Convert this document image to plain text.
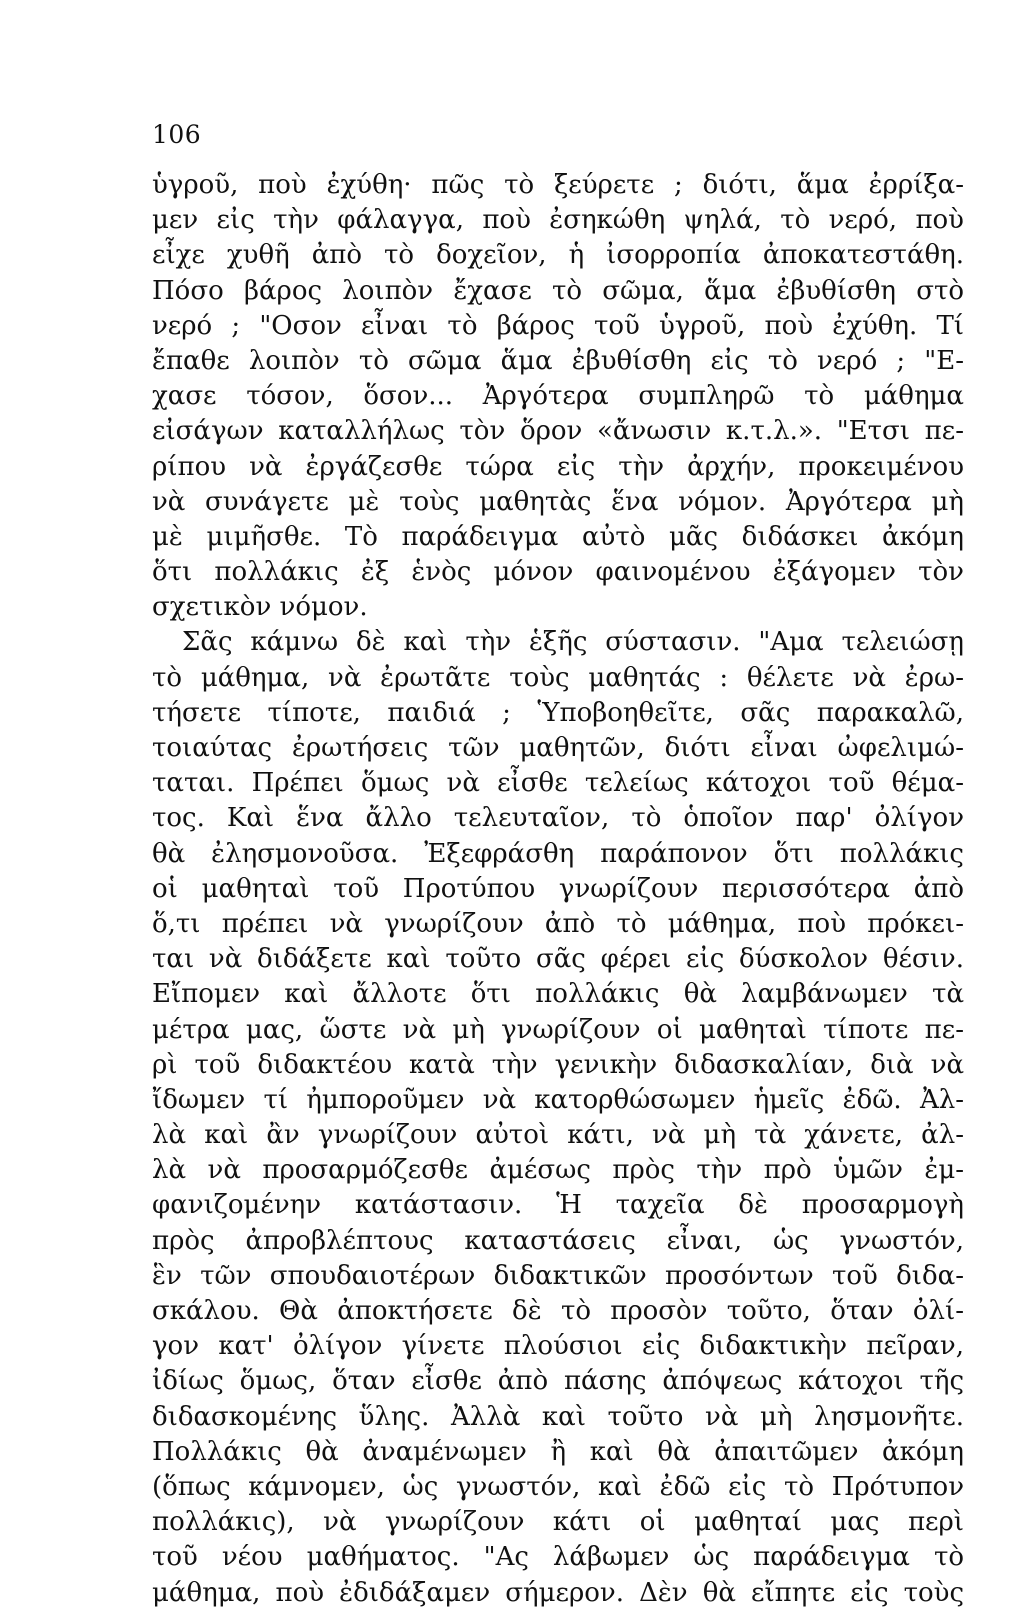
106
ὑγροῦ, ποὺ ἐχύθη· πῶς τὸ ξεύρετε ; διότι, ἅμα ἐρρίξα-
μεν εἰς τὴν φάλαγγα, ποὺ ἐσηκώθη ψηλά, τὸ νερό, ποὺ
εἶχε χυθῆ ἀπὸ τὸ δοχεῖον, ἡ ἰσορροπία ἀποκατεστάθη.
Πόσο βάρος λοιπὸν ἔχασε τὸ σῶμα, ἅμα ἐβυθίσθη στὸ
νερό ; "Οσον εἶναι τὸ βάρος τοῦ ὑγροῦ, ποὺ ἐχύθη. Τί
ἔπαθε λοιπὸν τὸ σῶμα ἅμα ἐβυθίσθη εἰς τὸ νερό ; "Ε-
χασε τόσον, ὅσον... Ἀργότερα συμπληρῶ τὸ μάθημα
εἰσάγων καταλλήλως τὸν ὅρον «ἄνωσιν κ.τ.λ.». "Ετσι πε-
ρίπου νὰ ἐργάζεσθε τώρα εἰς τὴν ἀρχήν, προκειμένου
νὰ συνάγετε μὲ τοὺς μαθητὰς ἕνα νόμον. Ἀργότερα μὴ
μὲ μιμῆσθε. Τὸ παράδειγμα αὐτὸ μᾶς διδάσκει ἀκόμη
ὅτι πολλάκις ἐξ ἑνὸς μόνον φαινομένου ἐξάγομεν τὸν
σχετικὸν νόμον.
Σᾶς κάμνω δὲ καὶ τὴν ἑξῆς σύστασιν. "Αμα τελειώσῃ
τὸ μάθημα, νὰ ἐρωτᾶτε τοὺς μαθητάς : θέλετε νὰ ἐρω-
τήσετε τίποτε, παιδιά ; Ὑποβοηθεῖτε, σᾶς παρακαλῶ,
τοιαύτας ἐρωτήσεις τῶν μαθητῶν, διότι εἶναι ὠφελιμώ-
ταται. Πρέπει ὅμως νὰ εἶσθε τελείως κάτοχοι τοῦ θέμα-
τος. Καὶ ἕνα ἄλλο τελευταῖον, τὸ ὁποῖον παρ' ὀλίγον
θὰ ἐλησμονοῦσα. Ἐξεφράσθη παράπονον ὅτι πολλάκις
οἱ μαθηταὶ τοῦ Προτύπου γνωρίζουν περισσότερα ἀπὸ
ὅ,τι πρέπει νὰ γνωρίζουν ἀπὸ τὸ μάθημα, ποὺ πρόκει-
ται νὰ διδάξετε καὶ τοῦτο σᾶς φέρει εἰς δύσκολον θέσιν.
Εἴπομεν καὶ ἄλλοτε ὅτι πολλάκις θὰ λαμβάνωμεν τὰ
μέτρα μας, ὥστε νὰ μὴ γνωρίζουν οἱ μαθηταὶ τίποτε πε-
ρὶ τοῦ διδακτέου κατὰ τὴν γενικὴν διδασκαλίαν, διὰ νὰ
ἴδωμεν τί ἠμποροῦμεν νὰ κατορθώσωμεν ἡμεῖς ἐδῶ. Ἀλ-
λὰ καὶ ἂν γνωρίζουν αὐτοὶ κάτι, νὰ μὴ τὰ χάνετε, ἀλ-
λὰ νὰ προσαρμόζεσθε ἀμέσως πρὸς τὴν πρὸ ὑμῶν ἐμ-
φανιζομένην κατάστασιν. Ἡ ταχεῖα δὲ προσαρμογὴ
πρὸς ἀπροβλέπτους καταστάσεις εἶναι, ὡς γνωστόν,
ἓν τῶν σπουδαιοτέρων διδακτικῶν προσόντων τοῦ διδα-
σκάλου. Θὰ ἀποκτήσετε δὲ τὸ προσὸν τοῦτο, ὅταν ὀλί-
γον κατ' ὀλίγον γίνετε πλούσιοι εἰς διδακτικὴν πεῖραν,
ἰδίως ὅμως, ὅταν εἶσθε ἀπὸ πάσης ἀπόψεως κάτοχοι τῆς
διδασκομένης ὕλης. Ἀλλὰ καὶ τοῦτο νὰ μὴ λησμονῆτε.
Πολλάκις θὰ ἀναμένωμεν ἢ καὶ θὰ ἀπαιτῶμεν ἀκόμη
(ὅπως κάμνομεν, ὡς γνωστόν, καὶ ἐδῶ εἰς τὸ Πρότυπον
πολλάκις), νὰ γνωρίζουν κάτι οἱ μαθηταί μας περὶ
τοῦ νέου μαθήματος. "Ας λάβωμεν ὡς παράδειγμα τὸ
μάθημα, ποὺ ἐδιδάξαμεν σήμερον. Δὲν θὰ εἴπητε εἰς τοὺς
